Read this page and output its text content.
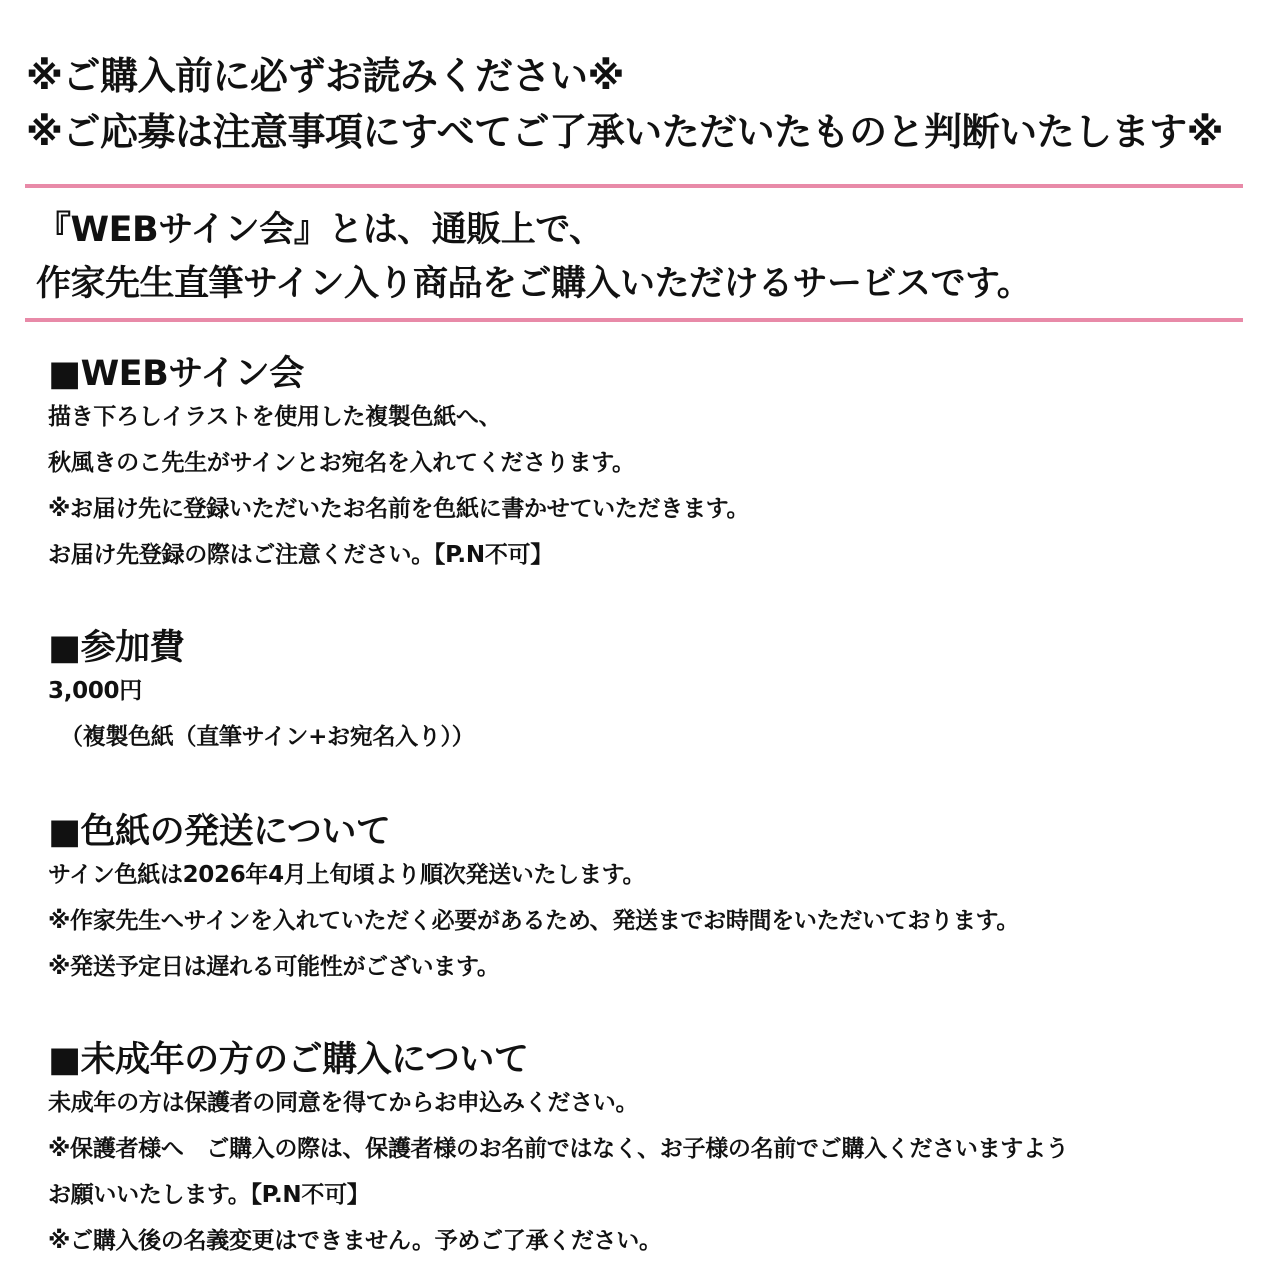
※ご購入前に必ずお読みください※
※ご応募は注意事項にすべてご了承いただいたものと判断いたします※
『WEBサイン会』とは、通販上で、
作家先生直筆サイン入り商品をご購入いただけるサービスです。
■WEBサイン会
描き下ろしイラストを使用した複製色紙へ、
秋風きのこ先生がサインとお宛名を入れてくださります。
※お届け先に登録いただいたお名前を色紙に書かせていただきます。
お届け先登録の際はご注意ください。【P.N不可】
■参加費
3,000円
（複製色紙（直筆サイン+お宛名入り））
■色紙の発送について
サイン色紙は2026年4月上旬頃より順次発送いたします。
※作家先生へサインを入れていただく必要があるため、発送までお時間をいただいております。
※発送予定日は遅れる可能性がございます。
■未成年の方のご購入について
未成年の方は保護者の同意を得てからお申込みください。
※保護者様へ　ご購入の際は、保護者様のお名前ではなく、お子様の名前でご購入くださいますよう
お願いいたします。【P.N不可】
※ご購入後の名義変更はできません。予めご了承ください。
